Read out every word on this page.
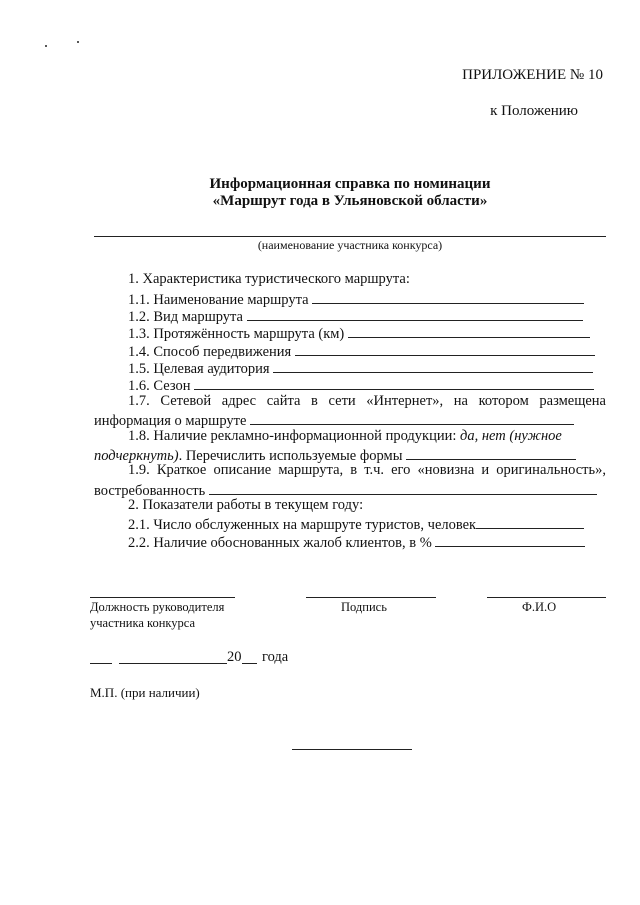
ПРИЛОЖЕНИЕ № 10
к Положению
Информационная справка по номинации
«Маршрут года в Ульяновской области»
(наименование участника конкурса)
1. Характеристика туристического маршрута:
1.1. Наименование маршрута
1.2. Вид маршрута
1.3. Протяжённость маршрута (км)
1.4. Способ передвижения
1.5. Целевая аудитория
1.6. Сезон
1.7. Сетевой адрес сайта в сети «Интернет», на котором размещена
информация о маршруте
1.8. Наличие рекламно-информационной продукции: да, нет (нужное
подчеркнуть). Перечислить используемые формы
1.9. Краткое описание маршрута, в т.ч. его «новизна и оригинальность»,
востребованность
2. Показатели работы в текущем году:
2.1. Число обслуженных на маршруте туристов, человек
2.2. Наличие обоснованных жалоб клиентов, в %
Должность руководителя
участника конкурса
Подпись	Ф.И.О
20 года
М.П. (при наличии)
